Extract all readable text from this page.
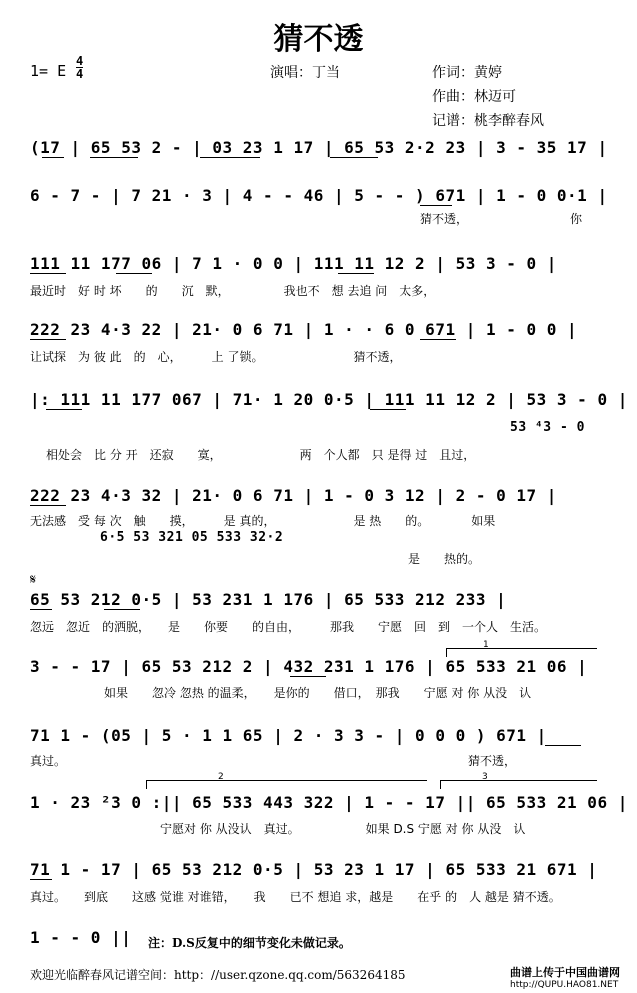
猜不透
1= E
4
4	演唱：丁当	作词：黄婷
作曲：林迈可
记谱：桃李醉春风
(17 | 65 53 2 - | 03 23 1 17 | 65 53 2·2 23 | 3 - 35 17 |
6 - 7 - | 7 21 · 3 | 4 - - 46 | 5 - - ) 671 | 1 - 0 0·1 |
猜不透，　　　　　　　　　你
111 11 177 06 | 7 1 · 0 0 | 111 11 12 2 | 53 3 - 0 |
最近时　好 时 坏　　的　　沉　默，　　　　　我也不　想 去追 问　太多，
222 23 4·3 22 | 21· 0 6 71 | 1 · · 6 0 671 | 1 - 0 0 |
让试探　为 彼 此　的　心，　　　上 了锁。　　　　　　　　猜不透，
|: 111 11 177 067 | 71· 1 20 0·5 | 111 11 12 2 | 53 3 - 0 |
53 ⁴3 - 0
相处会　比 分 开　还寂　　寞，　　　　　　　两　个人都　只 是得 过　且过，
222 23 4·3 32 | 21· 0 6 71 | 1 - 0 3 12 | 2 - 0 17 |
无法感　受 每 次　触　　摸，　　　是 真的，　　　　　　　是 热　　的。　　　　如果
6·5 53 321 05 533 32·2
是　　热的。
𝄋
65 53 212 0·5 | 53 231 1 176 | 65 533 212 233 |
忽远　忽近　的洒脱，　　是　　你要　　的自由，　　　那我　　宁愿　回　到　一个人　生活。
1
3 - - 17 | 65 53 212 2 | 432 231 1 176 | 65 533 21 06 |
如果　　忽冷 忽热 的温柔，　　是你的　　借口，　那我　　宁愿 对 你 从没　认
71 1 - (05 | 5 · 1 1 65 | 2 · 3 3 - | 0 0 0 ) 671 |
真过。　　　　　　　　　　　　　　　　　　　　　　　　　　　　　　　　　　猜不透，
2	3
1 · 23 ²3 0 :|| 65 533 443 322 | 1 - - 17 || 65 533 21 06 |
宁愿对 你 从没认　真过。　　　　　　如果 D.S 宁愿 对 你 从没　认
71 1 - 17 | 65 53 212 0·5 | 53 23 1 17 | 65 533 21 671 |
真过。　　到底　　这感 觉谁 对谁错，　　我　　已不 想追 求，越是　　在乎 的　人 越是 猜不透。
1 - - 0 || 注：D.S反复中的细节变化未做记录。
欢迎光临醉春风记谱空间：http：//user.qzone.qq.com/563264185	曲谱上传于中国曲谱网
http://QUPU.HAO81.NET
